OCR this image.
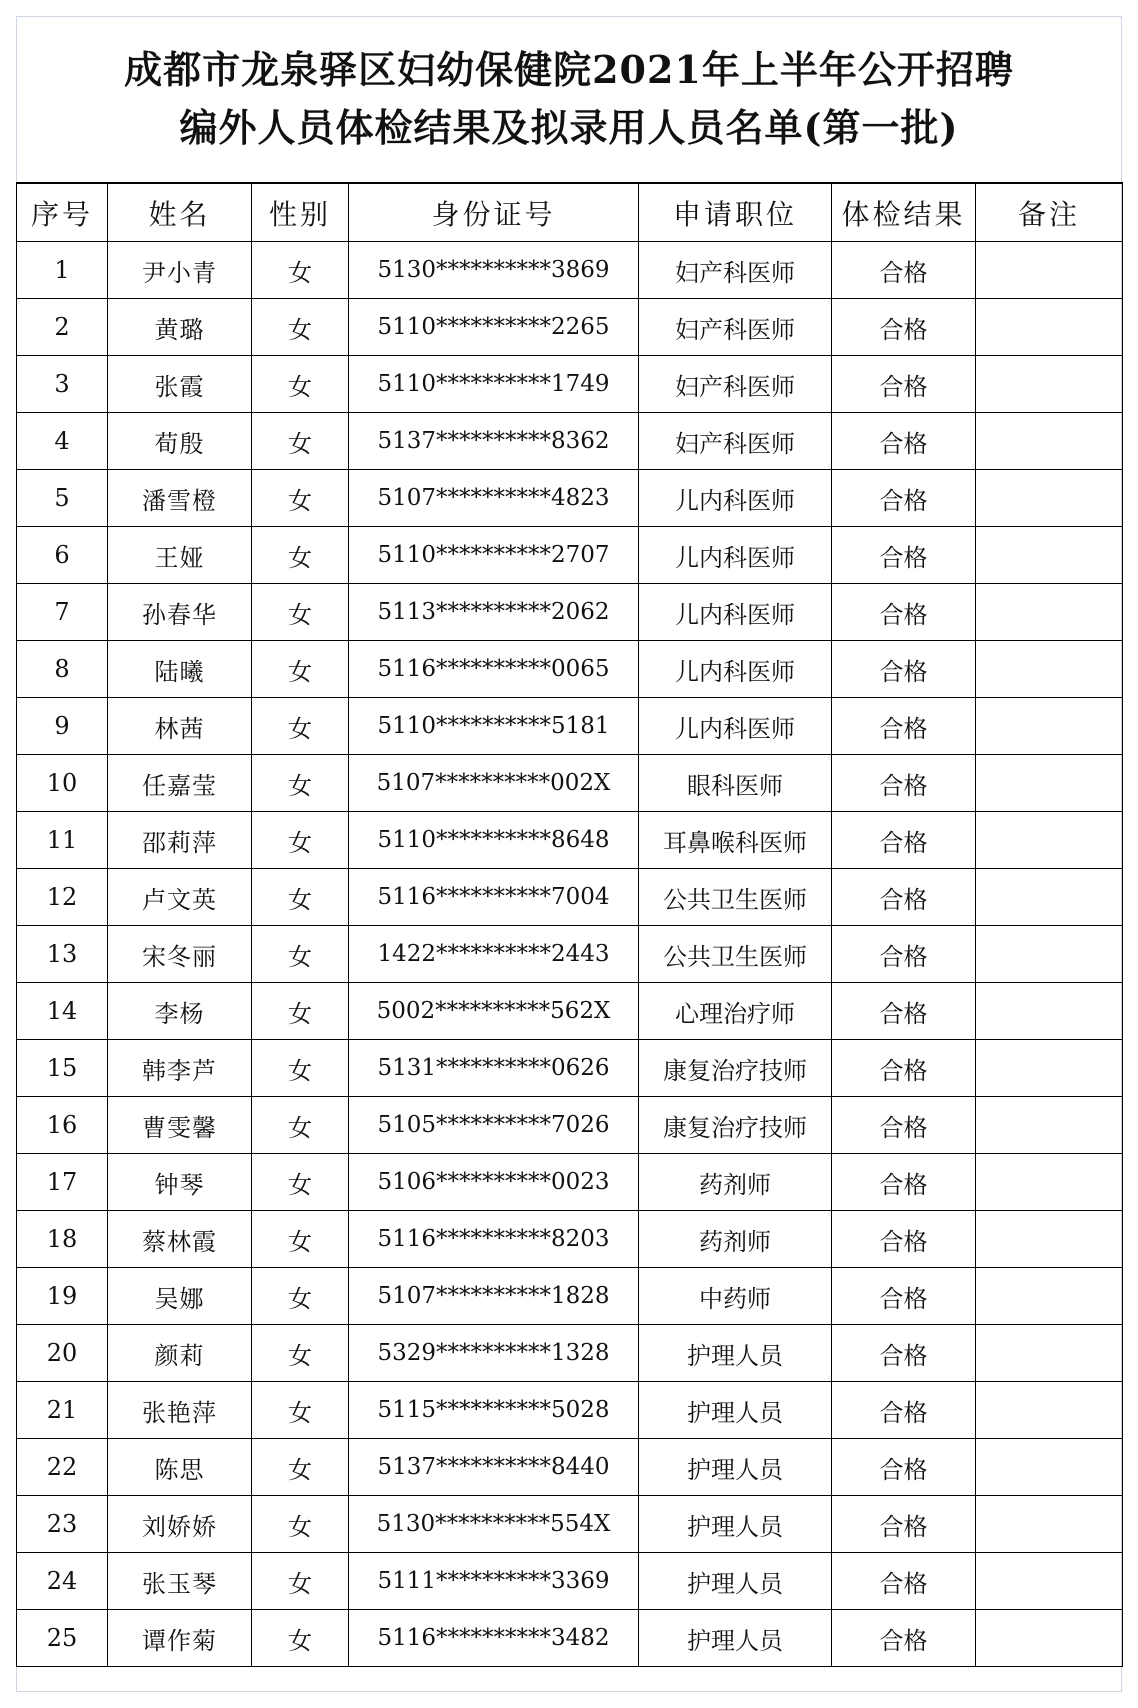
成都市龙泉驿区妇幼保健院2021年上半年公开招聘
编外人员体检结果及拟录用人员名单(第一批)
序号	姓名	性别	身份证号	申请职位	体检结果	备注
1	尹小青	女	5130**********3869	妇产科医师	合格	
2	黄璐	女	5110**********2265	妇产科医师	合格	
3	张霞	女	5110**********1749	妇产科医师	合格	
4	荀殷	女	5137**********8362	妇产科医师	合格	
5	潘雪橙	女	5107**********4823	儿内科医师	合格	
6	王娅	女	5110**********2707	儿内科医师	合格	
7	孙春华	女	5113**********2062	儿内科医师	合格	
8	陆曦	女	5116**********0065	儿内科医师	合格	
9	林茜	女	5110**********5181	儿内科医师	合格	
10	任嘉莹	女	5107**********002X	眼科医师	合格	
11	邵莉萍	女	5110**********8648	耳鼻喉科医师	合格	
12	卢文英	女	5116**********7004	公共卫生医师	合格	
13	宋冬丽	女	1422**********2443	公共卫生医师	合格	
14	李杨	女	5002**********562X	心理治疗师	合格	
15	韩李芦	女	5131**********0626	康复治疗技师	合格	
16	曹雯馨	女	5105**********7026	康复治疗技师	合格	
17	钟琴	女	5106**********0023	药剂师	合格	
18	蔡林霞	女	5116**********8203	药剂师	合格	
19	吴娜	女	5107**********1828	中药师	合格	
20	颜莉	女	5329**********1328	护理人员	合格	
21	张艳萍	女	5115**********5028	护理人员	合格	
22	陈思	女	5137**********8440	护理人员	合格	
23	刘娇娇	女	5130**********554X	护理人员	合格	
24	张玉琴	女	5111**********3369	护理人员	合格	
25	谭作菊	女	5116**********3482	护理人员	合格	
